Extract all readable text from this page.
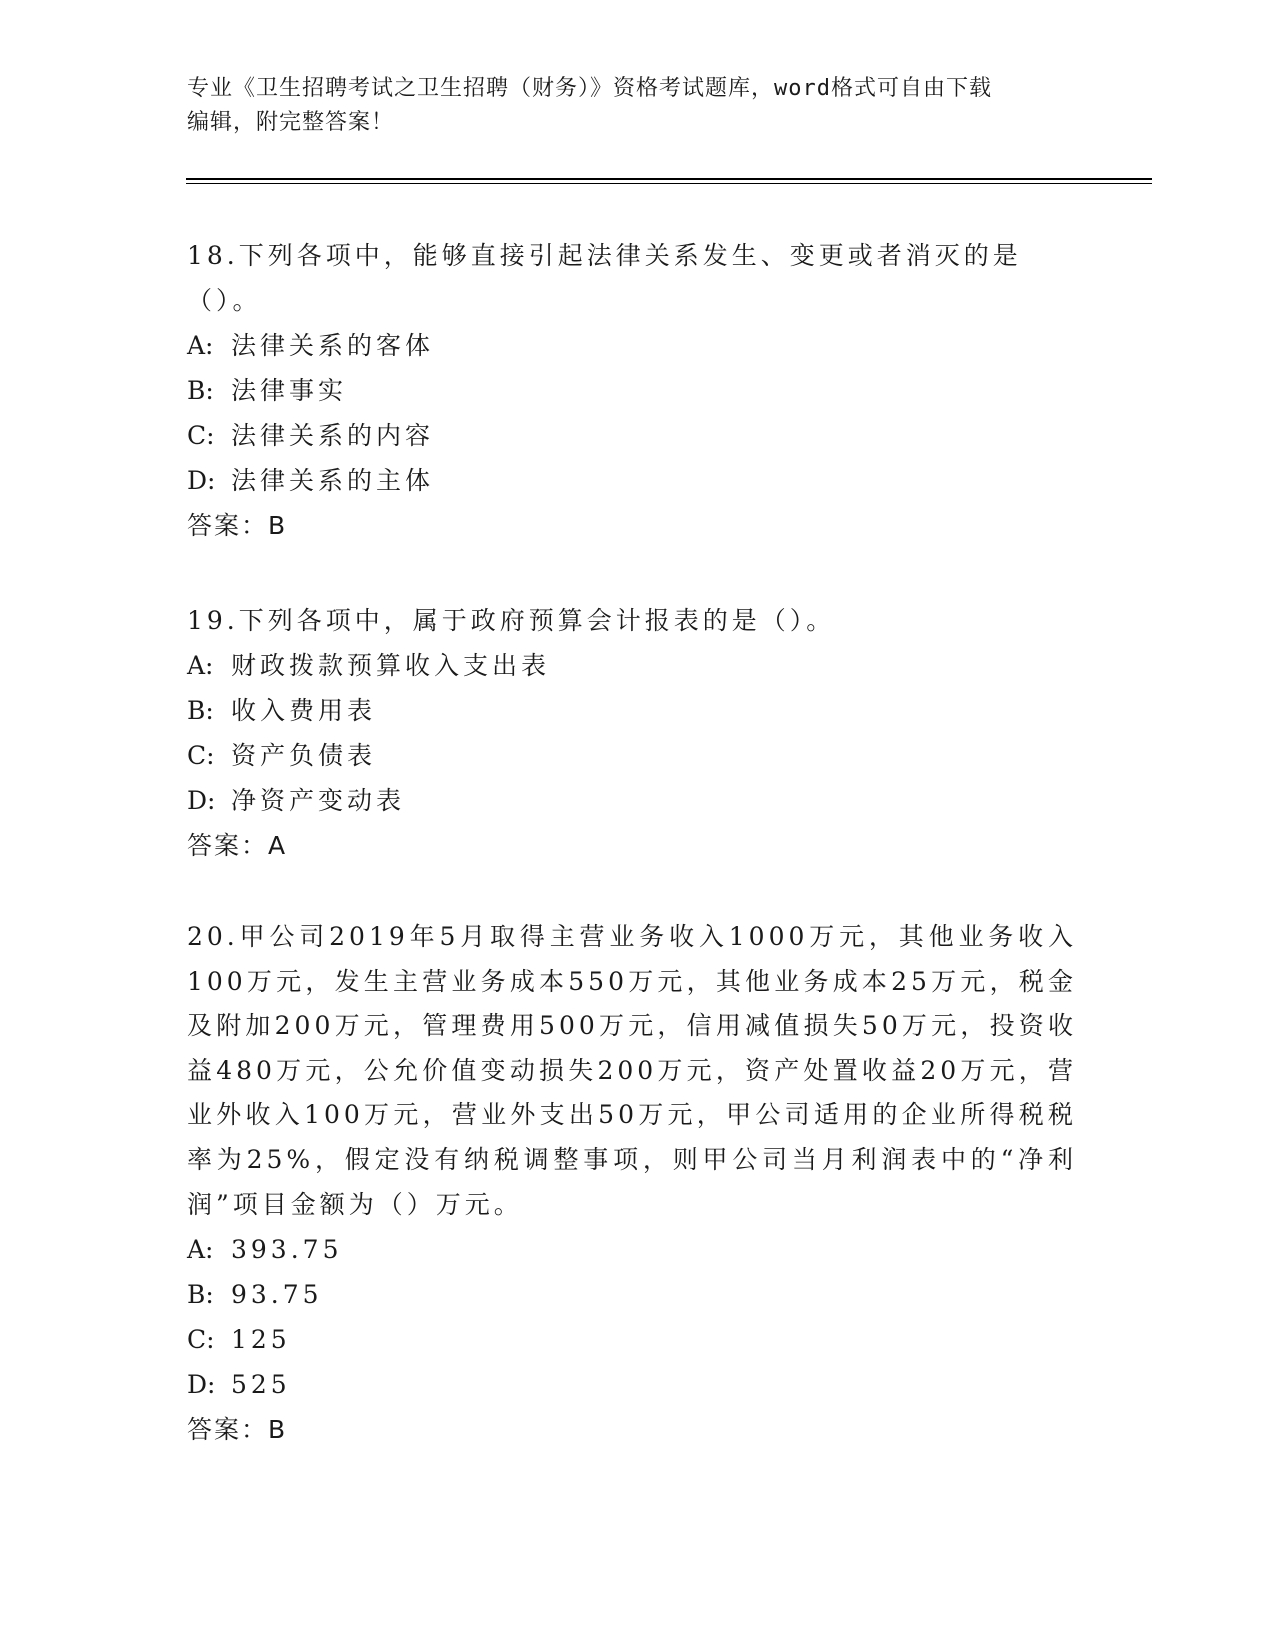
专业《卫生招聘考试之卫生招聘（财务）》资格考试题库，word格式可自由下载
编辑，附完整答案！

18.下列各项中，能够直接引起法律关系发生、变更或者消灭的是（）。

A: 法律关系的客体

B: 法律事实

C: 法律关系的内容

D: 法律关系的主体

答案：B

19.下列各项中，属于政府预算会计报表的是（）。

A: 财政拨款预算收入支出表

B: 收入费用表

C: 资产负债表

D: 净资产变动表

答案：A

20.甲公司2019年5月取得主营业务收入1000万元，其他业务收入100万元，发生主营业务成本550万元，其他业务成本25万元，税金及附加200万元，管理费用500万元，信用减值损失50万元，投资收益480万元，公允价值变动损失200万元，资产处置收益20万元，营业外收入100万元，营业外支出50万元，甲公司适用的企业所得税税率为25%，假定没有纳税调整事项，则甲公司当月利润表中的“净利润”项目金额为（）万元。

A: 393.75

B: 93.75

C: 125

D: 525

答案：B
